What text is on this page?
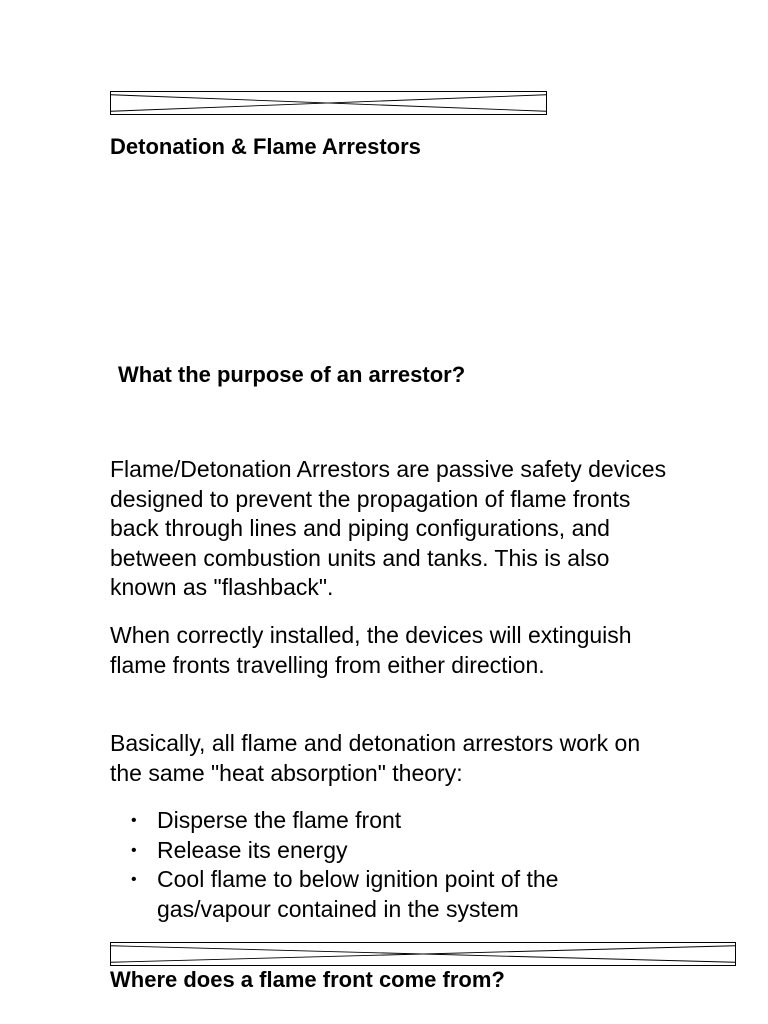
Detonation & Flame Arrestors
What the purpose of an arrestor?

Flame/Detonation Arrestors are passive safety devices designed to prevent the propagation of flame fronts back through lines and piping configurations, and between combustion units and tanks. This is also known as "flashback".

When correctly installed, the devices will extinguish flame fronts travelling from either direction.

Basically, all flame and detonation arrestors work on the same "heat absorption" theory:

• Disperse the flame front
• Release its energy
• Cool flame to below ignition point of the gas/vapour contained in the system
Where does a flame front come from?
